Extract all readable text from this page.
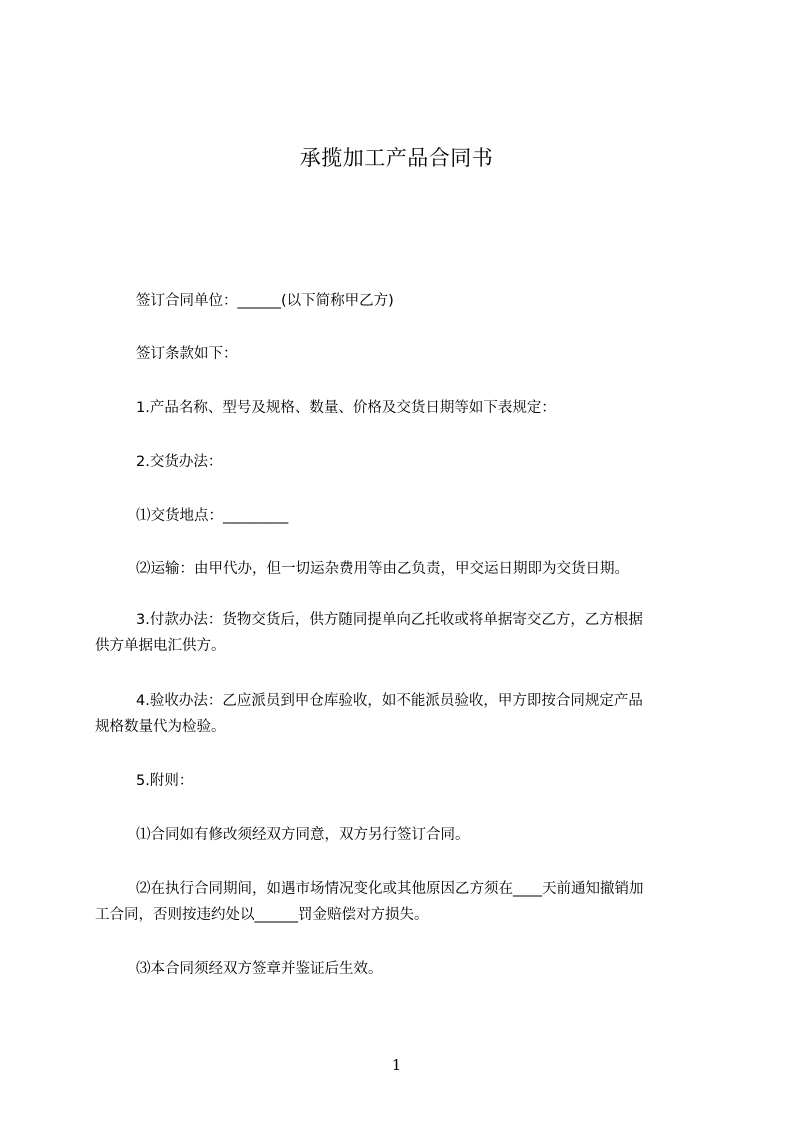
承揽加工产品合同书
签订合同单位：______(以下简称甲乙方)
签订条款如下：
1.产品名称、型号及规格、数量、价格及交货日期等如下表规定：
2.交货办法：
⑴交货地点：_________
⑵运输：由甲代办，但一切运杂费用等由乙负责，甲交运日期即为交货日期。
3.付款办法：货物交货后，供方随同提单向乙托收或将单据寄交乙方，乙方根据
供方单据电汇供方。
4.验收办法：乙应派员到甲仓库验收，如不能派员验收，甲方即按合同规定产品
规格数量代为检验。
5.附则：
⑴合同如有修改须经双方同意，双方另行签订合同。
⑵在执行合同期间，如遇市场情况变化或其他原因乙方须在____天前通知撤销加
工合同，否则按违约处以______罚金赔偿对方损失。
⑶本合同须经双方签章并鉴证后生效。
1
